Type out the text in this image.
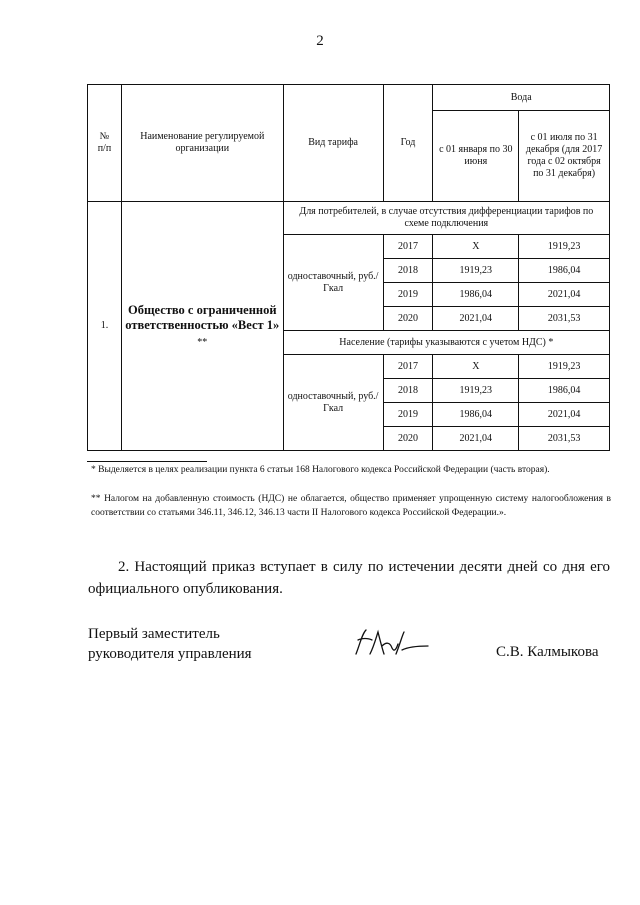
2
№
п/п	Наименование регулируемой организации	Вид тарифа	Год	Вода	
				с 01 января по 30 июня	с 01 июля по 31 декабря (для 2017 года с 02 октября по 31 декабря)
1.	Общество с ограниченной ответственностью «Вест 1» **	Для потребителей, в случае отсутствия дифференциации тарифов по схеме подключения			
		одноставочный, руб./Гкал	2017	Х	1919,23
			2018	1919,23	1986,04
			2019	1986,04	2021,04
			2020	2021,04	2031,53
		Население (тарифы указываются с учетом НДС) *			
		одноставочный, руб./Гкал	2017	Х	1919,23
			2018	1919,23	1986,04
			2019	1986,04	2021,04
			2020	2021,04	2031,53
* Выделяется в целях реализации пункта 6 статьи 168 Налогового кодекса Российской Федерации (часть вторая).
** Налогом на добавленную стоимость (НДС) не облагается, общество применяет упрощенную систему налогообложения в соответствии со статьями 346.11, 346.12, 346.13 части II Налогового кодекса Российской Федерации.».
2. Настоящий приказ вступает в силу по истечении десяти дней со дня его официального опубликования.
Первый заместитель
руководителя управления	С.В. Калмыкова
